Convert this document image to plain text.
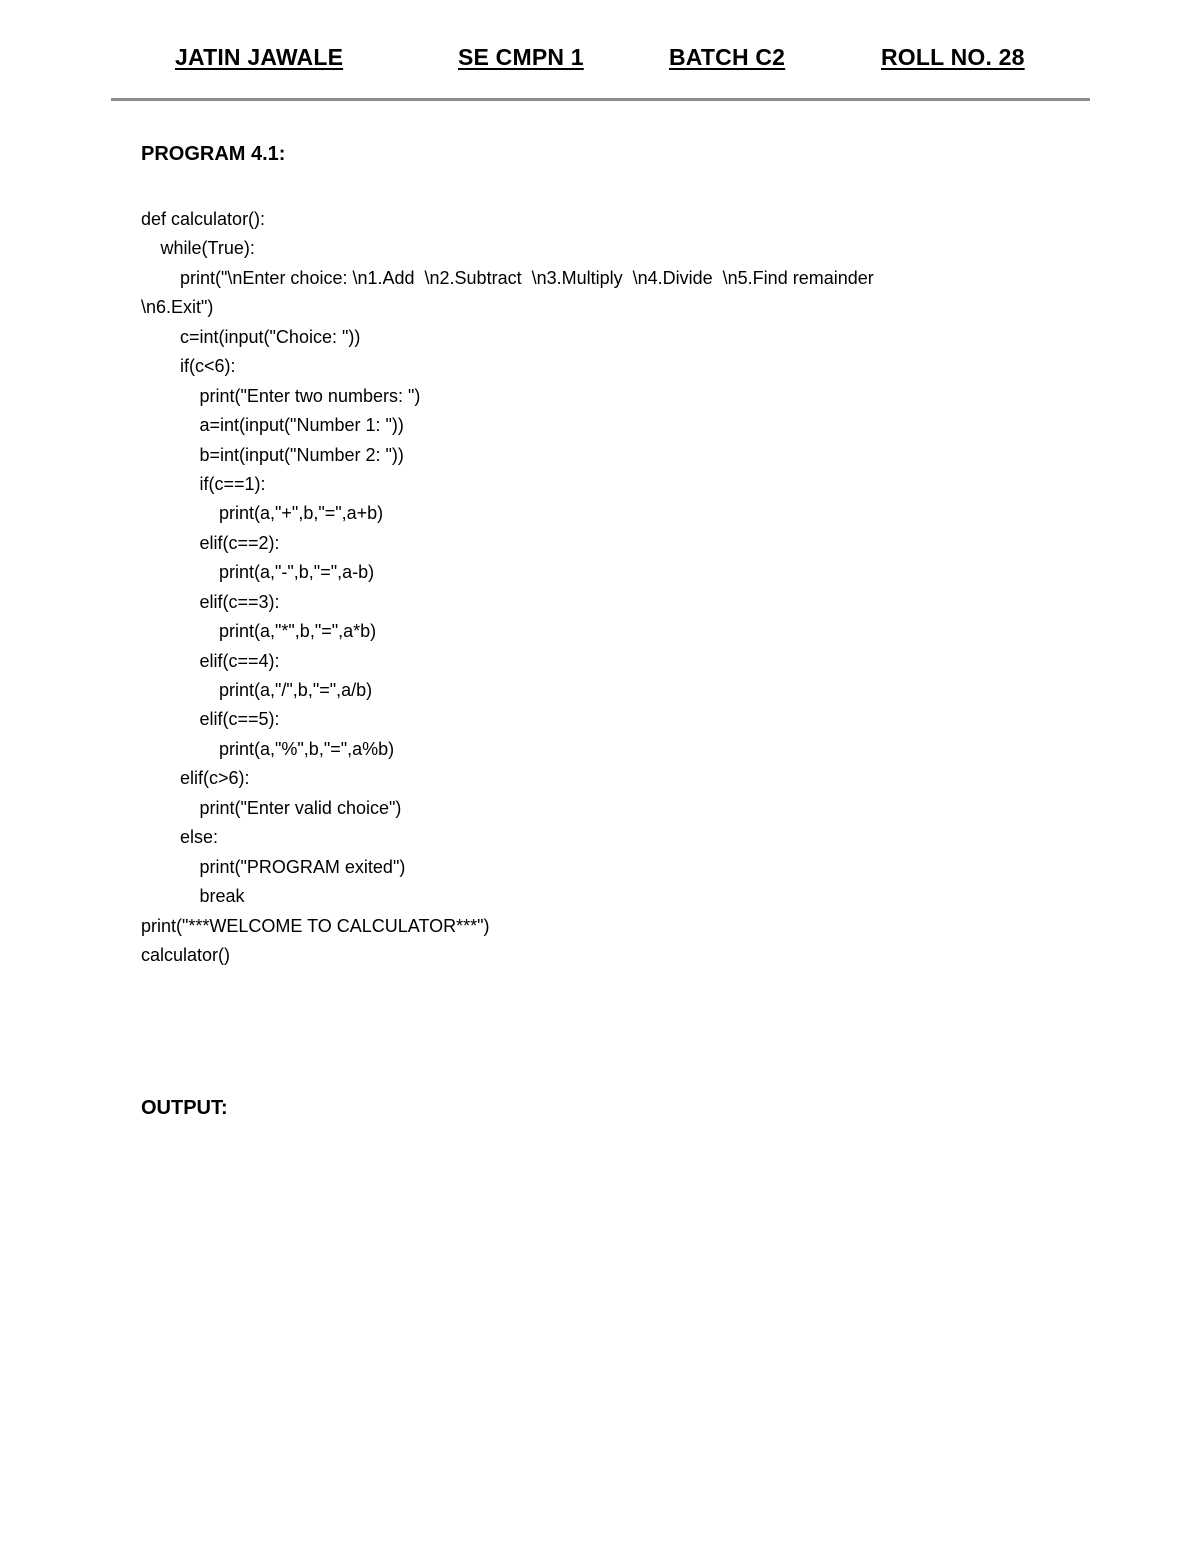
JATIN JAWALE	SE CMPN 1	BATCH C2	ROLL NO. 28
PROGRAM 4.1:
def calculator():
while(True):
print("\nEnter choice: \n1.Add  \n2.Subtract  \n3.Multiply  \n4.Divide  \n5.Find remainder
\n6.Exit")
c=int(input("Choice: "))
if(c<6):
print("Enter two numbers: ")
a=int(input("Number 1: "))
b=int(input("Number 2: "))
if(c==1):
print(a,"+",b,"=",a+b)
elif(c==2):
print(a,"-",b,"=",a-b)
elif(c==3):
print(a,"*",b,"=",a*b)
elif(c==4):
print(a,"/",b,"=",a/b)
elif(c==5):
print(a,"%",b,"=",a%b)
elif(c>6):
print("Enter valid choice")
else:
print("PROGRAM exited")
break
print("***WELCOME TO CALCULATOR***")
calculator()
OUTPUT:
